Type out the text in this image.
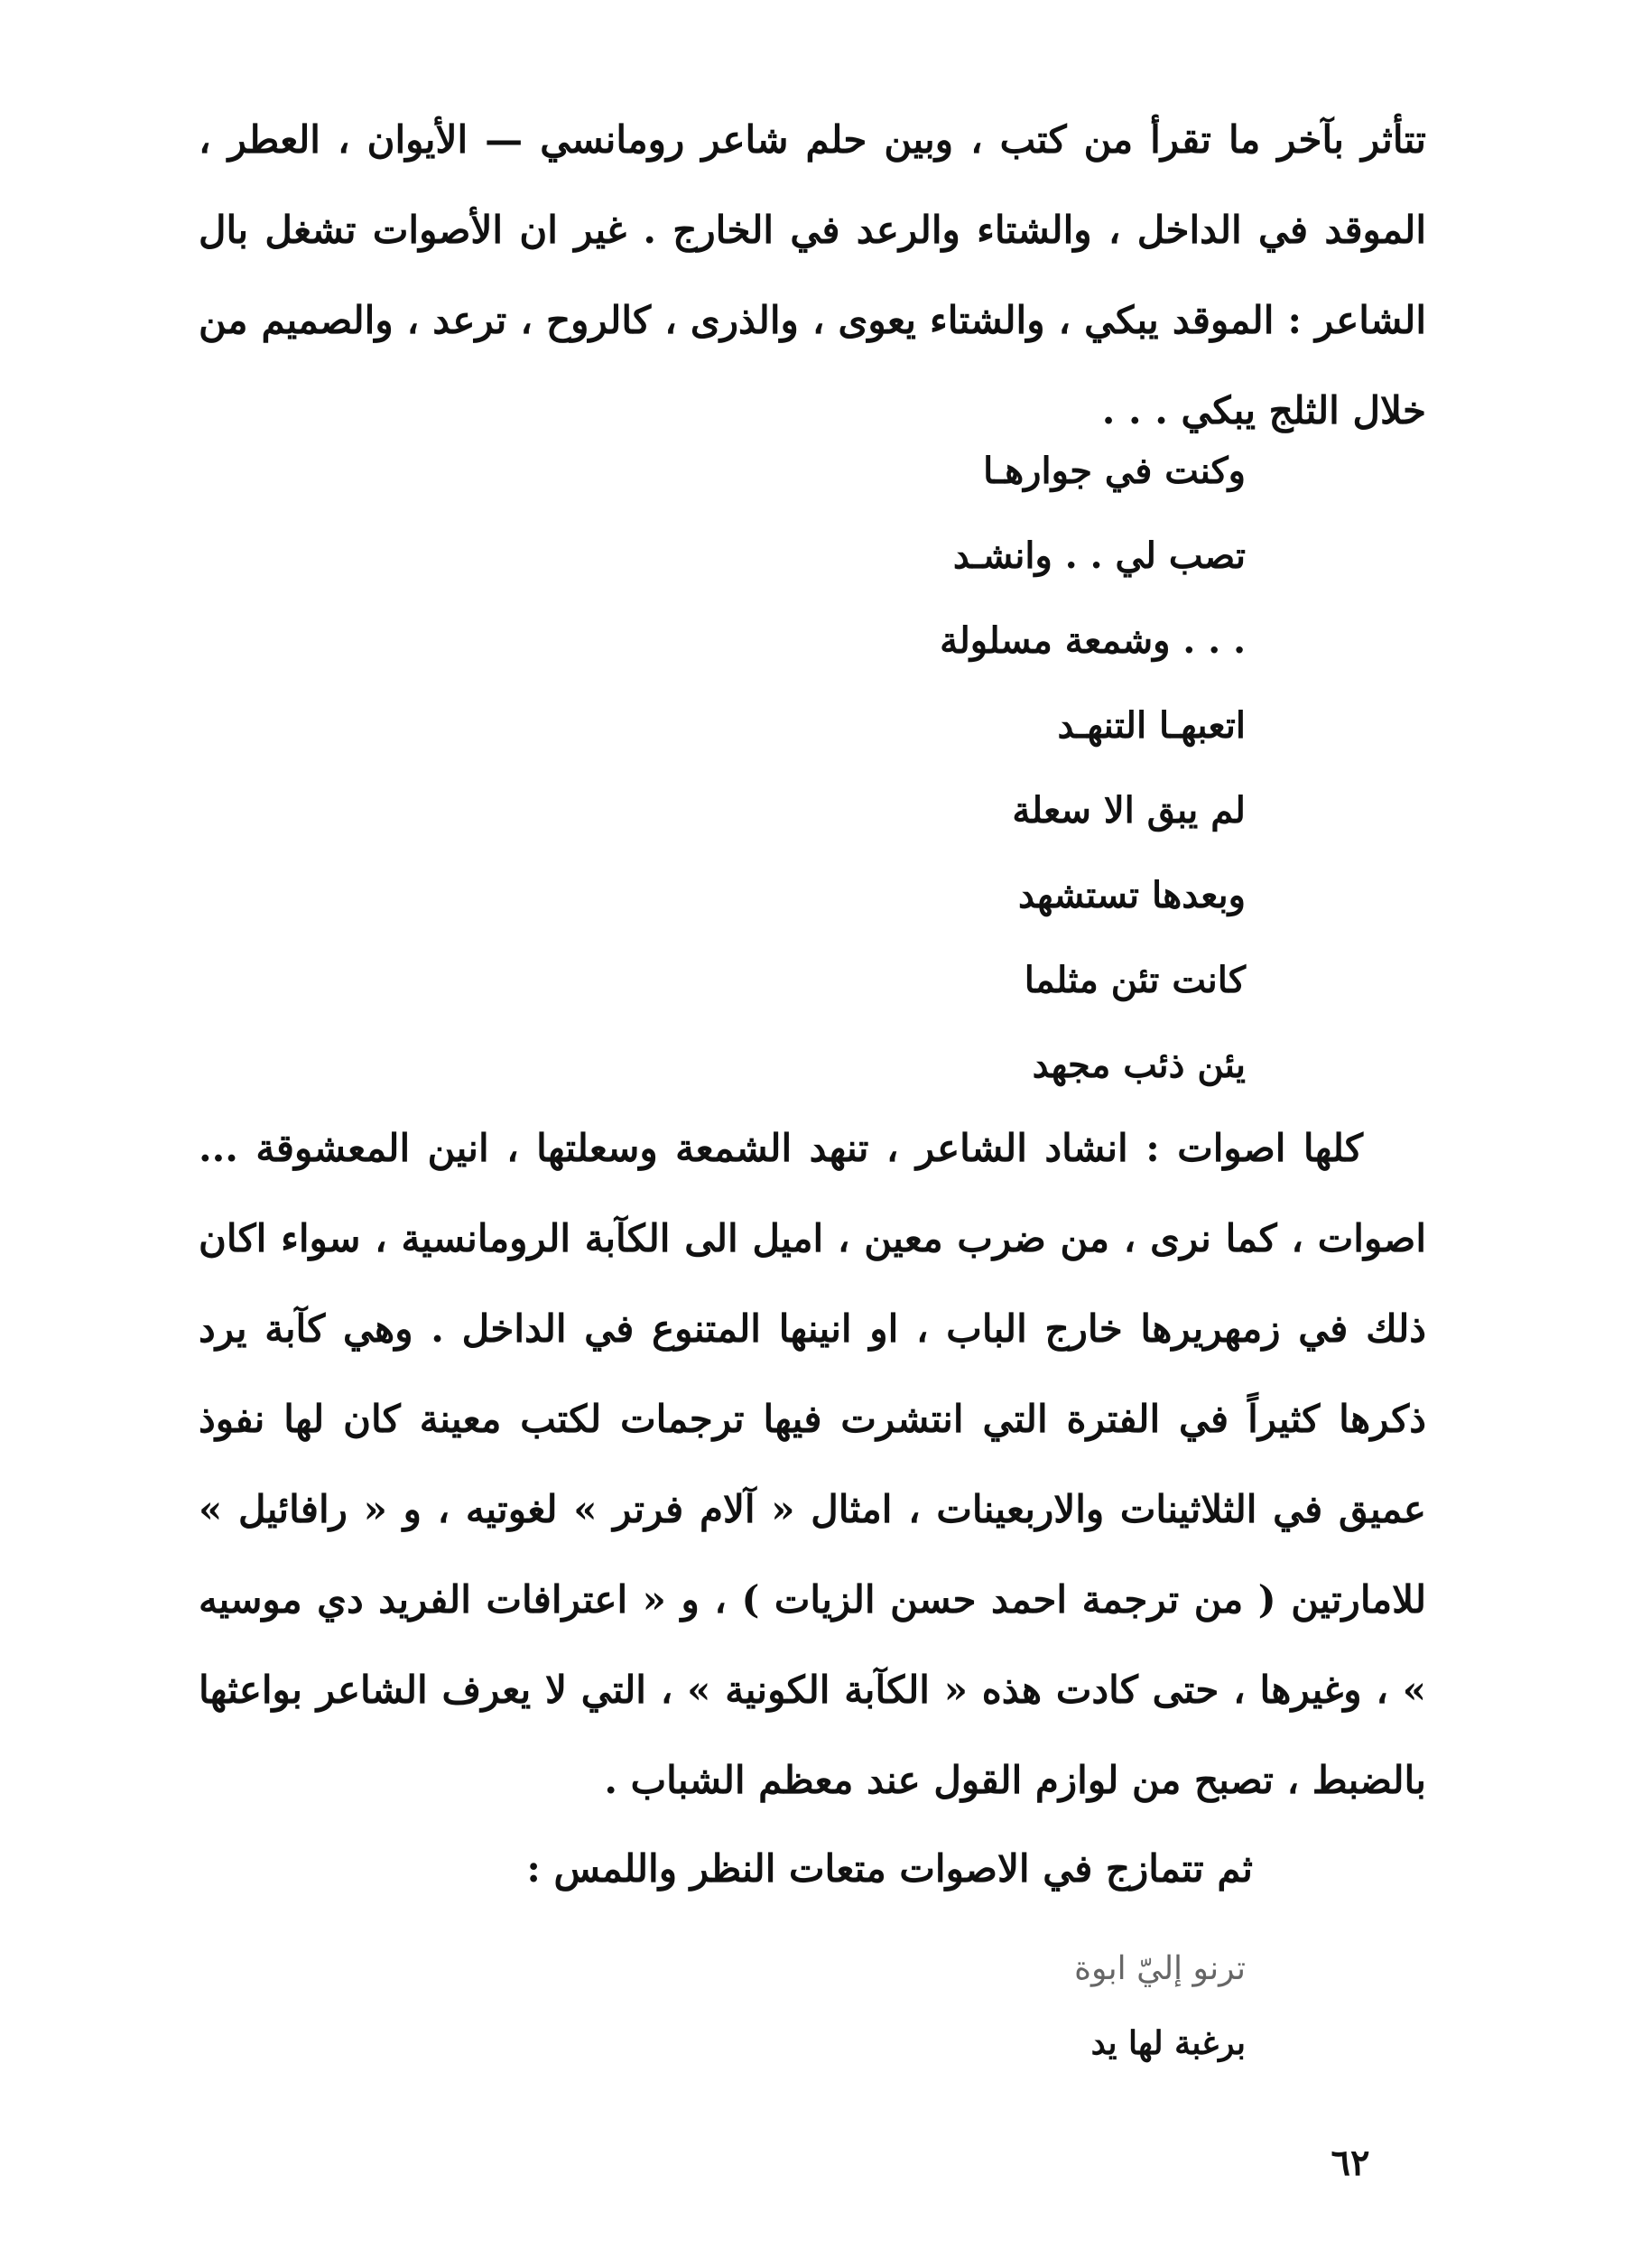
تتأثر بآخر ما تقرأ من كتب ، وبين حلم شاعر رومانسي — الأيوان ، العطر ، الموقد في الداخل ، والشتاء والرعد في الخارج . غير ان الأصوات تشغل بال الشاعر : الموقد يبكي ، والشتاء يعوى ، والذرى ، كالروح ، ترعد ، والصميم من خلال الثلج يبكي . . .

وكنت في جوارهـا
تصب لي . . وانشـد
. . . وشمعة مسلولة
اتعبهـا التنهـد
لم يبق الا سعلة
وبعدها تستشهد
كانت تئن مثلما
يئن ذئب مجهد

كلها اصوات : انشاد الشاعر ، تنهد الشمعة وسعلتها ، انين المعشوقة ... اصوات ، كما نرى ، من ضرب معين ، اميل الى الكآبة الرومانسية ، سواء اكان ذلك في زمهريرها خارج الباب ، او انينها المتنوع في الداخل . وهي كآبة يرد ذكرها كثيراً في الفترة التي انتشرت فيها ترجمات لكتب معينة كان لها نفوذ عميق في الثلاثينات والاربعينات ، امثال « آلام فرتر » لغوتيه ، و « رافائيل » للامارتين ( من ترجمة احمد حسن الزيات ) ، و « اعترافات الفريد دي موسيه » ، وغيرها ، حتى كادت هذه « الكآبة الكونية » ، التي لا يعرف الشاعر بواعثها بالضبط ، تصبح من لوازم القول عند معظم الشباب .

ثم تتمازج في الاصوات متعات النظر واللمس :
ترنو إليّ ابوة
برغبة لها يد
٦٢
